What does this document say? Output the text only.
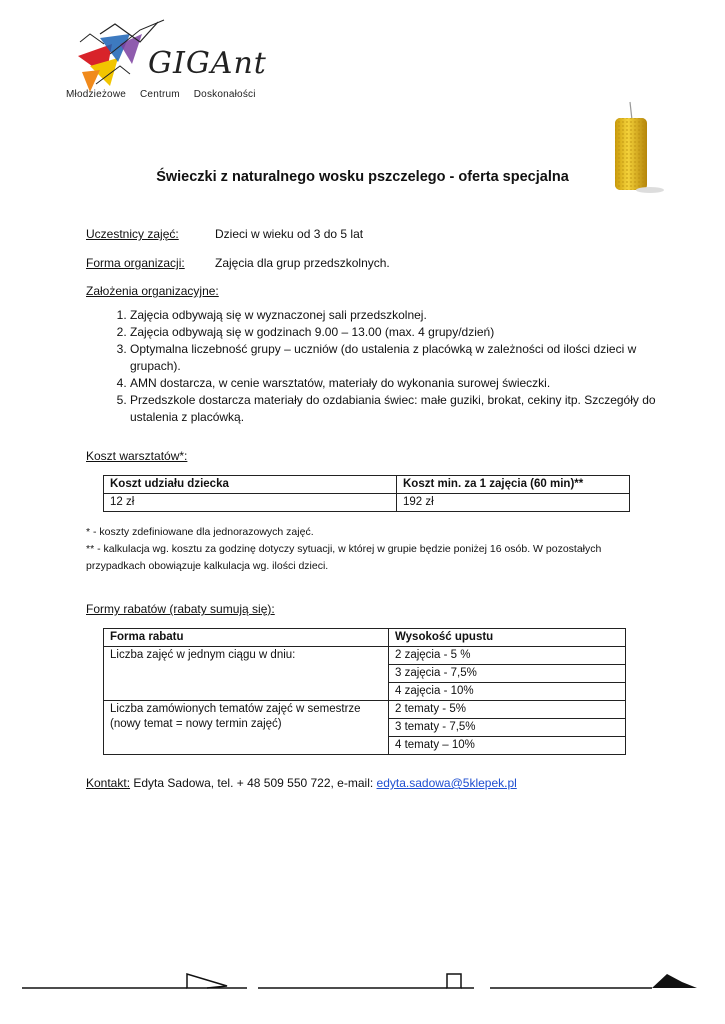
GIGAnt
Młodzieżowe Centrum Doskonałości
Świeczki z naturalnego wosku pszczelego - oferta specjalna
Uczestnicy zajęć:	Dzieci w wieku od 3 do 5 lat
Forma organizacji:	Zajęcia dla grup przedszkolnych.
Założenia organizacyjne:
1. Zajęcia odbywają się w wyznaczonej sali przedszkolnej.
2. Zajęcia odbywają się w godzinach 9.00 – 13.00 (max. 4 grupy/dzień)
3. Optymalna liczebność grupy – uczniów (do ustalenia z placówką w zależności od ilości dzieci w grupach).
4. AMN dostarcza, w cenie warsztatów, materiały do wykonania surowej świeczki.
5. Przedszkole dostarcza materiały do ozdabiania świec: małe guziki, brokat, cekiny itp. Szczegóły do ustalenia z placówką.
Koszt warsztatów*:
Koszt udziału dziecka	Koszt min. za 1 zajęcia (60 min)**
12 zł	192 zł
* - koszty zdefiniowane dla jednorazowych zajęć.
** - kalkulacja wg. kosztu za godzinę dotyczy sytuacji, w której w grupie będzie poniżej 16 osób. W pozostałych przypadkach obowiązuje kalkulacja wg. ilości dzieci.
Formy rabatów (rabaty sumują się):
Forma rabatu	Wysokość upustu
Liczba zajęć w jednym ciągu w dniu:	2 zajęcia - 5 %
	3 zajęcia - 7,5%
	4 zajęcia - 10%
Liczba zamówionych tematów zajęć w semestrze (nowy temat = nowy termin zajęć)	2 tematy - 5%
	3 tematy - 7,5%
	4 tematy – 10%
Kontakt: Edyta Sadowa, tel. + 48 509 550 722, e-mail: edyta.sadowa@5klepek.pl
